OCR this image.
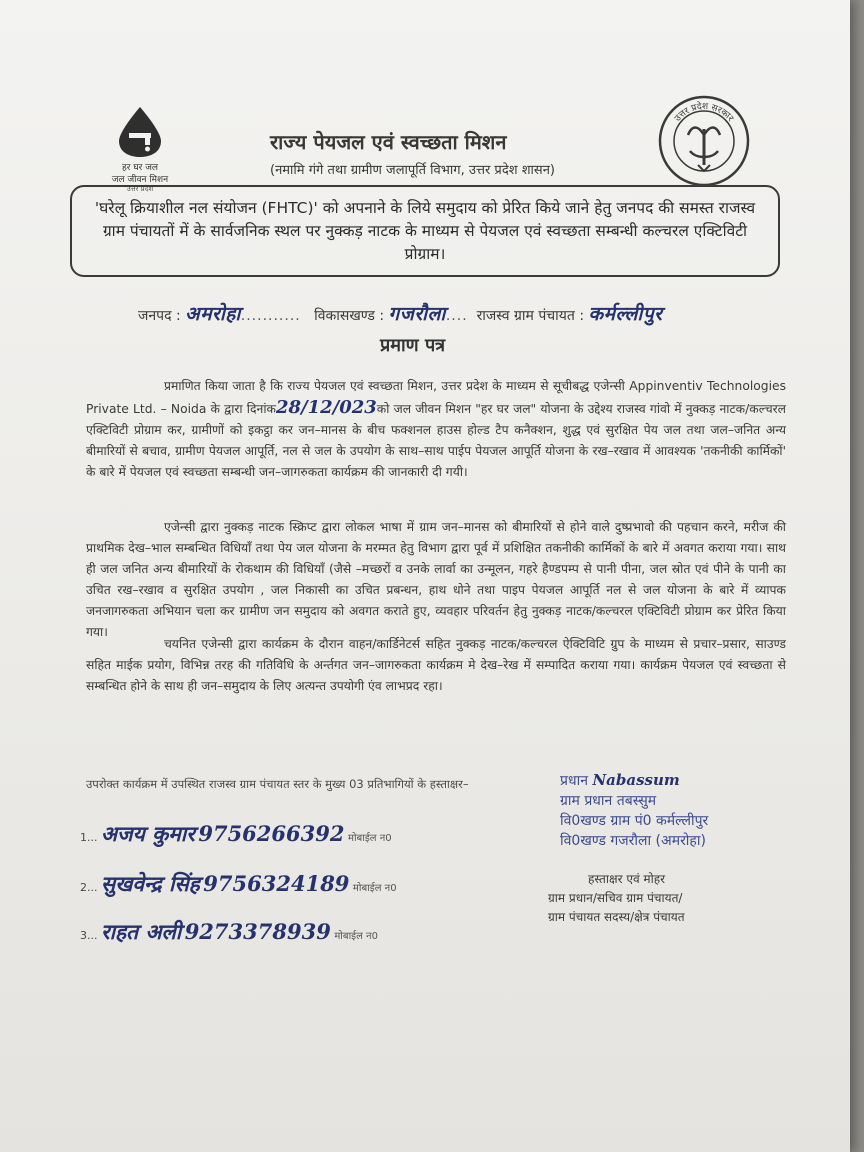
हर घर जल
जल जीवन मिशन
उत्तर प्रदेश
राज्य पेयजल एवं स्वच्छता मिशन
(नमामि गंगे तथा ग्रामीण जलापूर्ति विभाग, उत्तर प्रदेश शासन)
उत्तर प्रदेश सरकार
'घरेलू क्रियाशील नल संयोजन (FHTC)' को अपनाने के लिये समुदाय को प्रेरित किये जाने हेतु जनपद की समस्त राजस्व ग्राम पंचायतों में के सार्वजनिक स्थल पर नुक्कड़ नाटक के माध्यम से पेयजल एवं स्वच्छता सम्बन्धी कल्चरल एक्टिविटी प्रोग्राम।
जनपद : अमरोहा........... विकासखण्ड : गजरौला.... राजस्व ग्राम पंचायत : कर्मल्लीपुर
प्रमाण पत्र
प्रमाणित किया जाता है कि राज्य पेयजल एवं स्वच्छता मिशन, उत्तर प्रदेश के माध्यम से सूचीबद्ध एजेन्सी Appinventiv Technologies Private Ltd. – Noida के द्वारा दिनांक28/12/023को जल जीवन मिशन "हर घर जल" योजना के उद्देश्य राजस्व गांवो में नुक्कड़ नाटक/कल्चरल एक्टिविटी प्रोग्राम कर, ग्रामीणों को इकट्ठा कर जन–मानस के बीच फक्शनल हाउस होल्ड टैप कनैक्शन, शुद्ध एवं सुरक्षित पेय जल तथा जल–जनित अन्य बीमारियों से बचाव, ग्रामीण पेयजल आपूर्ति, नल से जल के उपयोग के साथ–साथ पाईप पेयजल आपूर्ति योजना के रख–रखाव में आवश्यक 'तकनीकी कार्मिकों' के बारे में पेयजल एवं स्वच्छता सम्बन्धी जन–जागरुकता कार्यक्रम की जानकारी दी गयी।
एजेन्सी द्वारा नुक्कड़ नाटक स्क्रिप्ट द्वारा लोकल भाषा में ग्राम जन–मानस को बीमारियों से होने वाले दुष्प्रभावो की पहचान करने, मरीज की प्राथमिक देख–भाल सम्बन्धित विधियाँ तथा पेय जल योजना के मरम्मत हेतु विभाग द्वारा पूर्व में प्रशिक्षित तकनीकी कार्मिकों के बारे में अवगत कराया गया। साथ ही जल जनित अन्य बीमारियों के रोकथाम की विधियाँ (जैसे –मच्छरों व उनके लार्वा का उन्मूलन, गहरे हैण्डपम्प से पानी पीना, जल स्रोत एवं पीने के पानी का उचित रख–रखाव व सुरक्षित उपयोग , जल निकासी का उचित प्रबन्धन, हाथ धोने तथा पाइप पेयजल आपूर्ति नल से जल योजना के बारे में व्यापक जनजागरुकता अभियान चला कर ग्रामीण जन समुदाय को अवगत कराते हुए, व्यवहार परिवर्तन हेतु नुक्कड़ नाटक/कल्चरल एक्टिविटी प्रोग्राम कर प्रेरित किया गया।
चयनित एजेन्सी द्वारा कार्यक्रम के दौरान वाहन/कार्डिनेटर्स सहित नुक्कड़ नाटक/कल्चरल ऐक्टिविटि ग्रुप के माध्यम से प्रचार–प्रसार, साउण्ड सहित माईक प्रयोग, विभिन्न तरह की गतिविधि के अर्न्तगत जन–जागरुकता कार्यक्रम मे देख–रेख में सम्पादित कराया गया। कार्यक्रम पेयजल एवं स्वच्छता से सम्बन्धित होने के साथ ही जन–समुदाय के लिए अत्यन्त उपयोगी एंव लाभप्रद रहा।
उपरोक्त कार्यक्रम में उपस्थित राजस्व ग्राम पंचायत स्तर के मुख्य 03 प्रतिभागियों के हस्ताक्षर–
1... अजय कुमार 9756266392 मोबाईल न0
2... सुखवेन्द्र सिंह 9756324189 मोबाईल न0
3... राहत अली 9273378939 मोबाईल न0
प्रधान Nabassum
ग्राम प्रधान तबस्सुम
वि0खण्ड ग्राम पं0 कर्मल्लीपुर
वि0खण्ड गजरौला (अमरोहा)
हस्ताक्षर एवं मोहर
ग्राम प्रधान/सचिव ग्राम पंचायत/
ग्राम पंचायत सदस्य/क्षेत्र पंचायत
